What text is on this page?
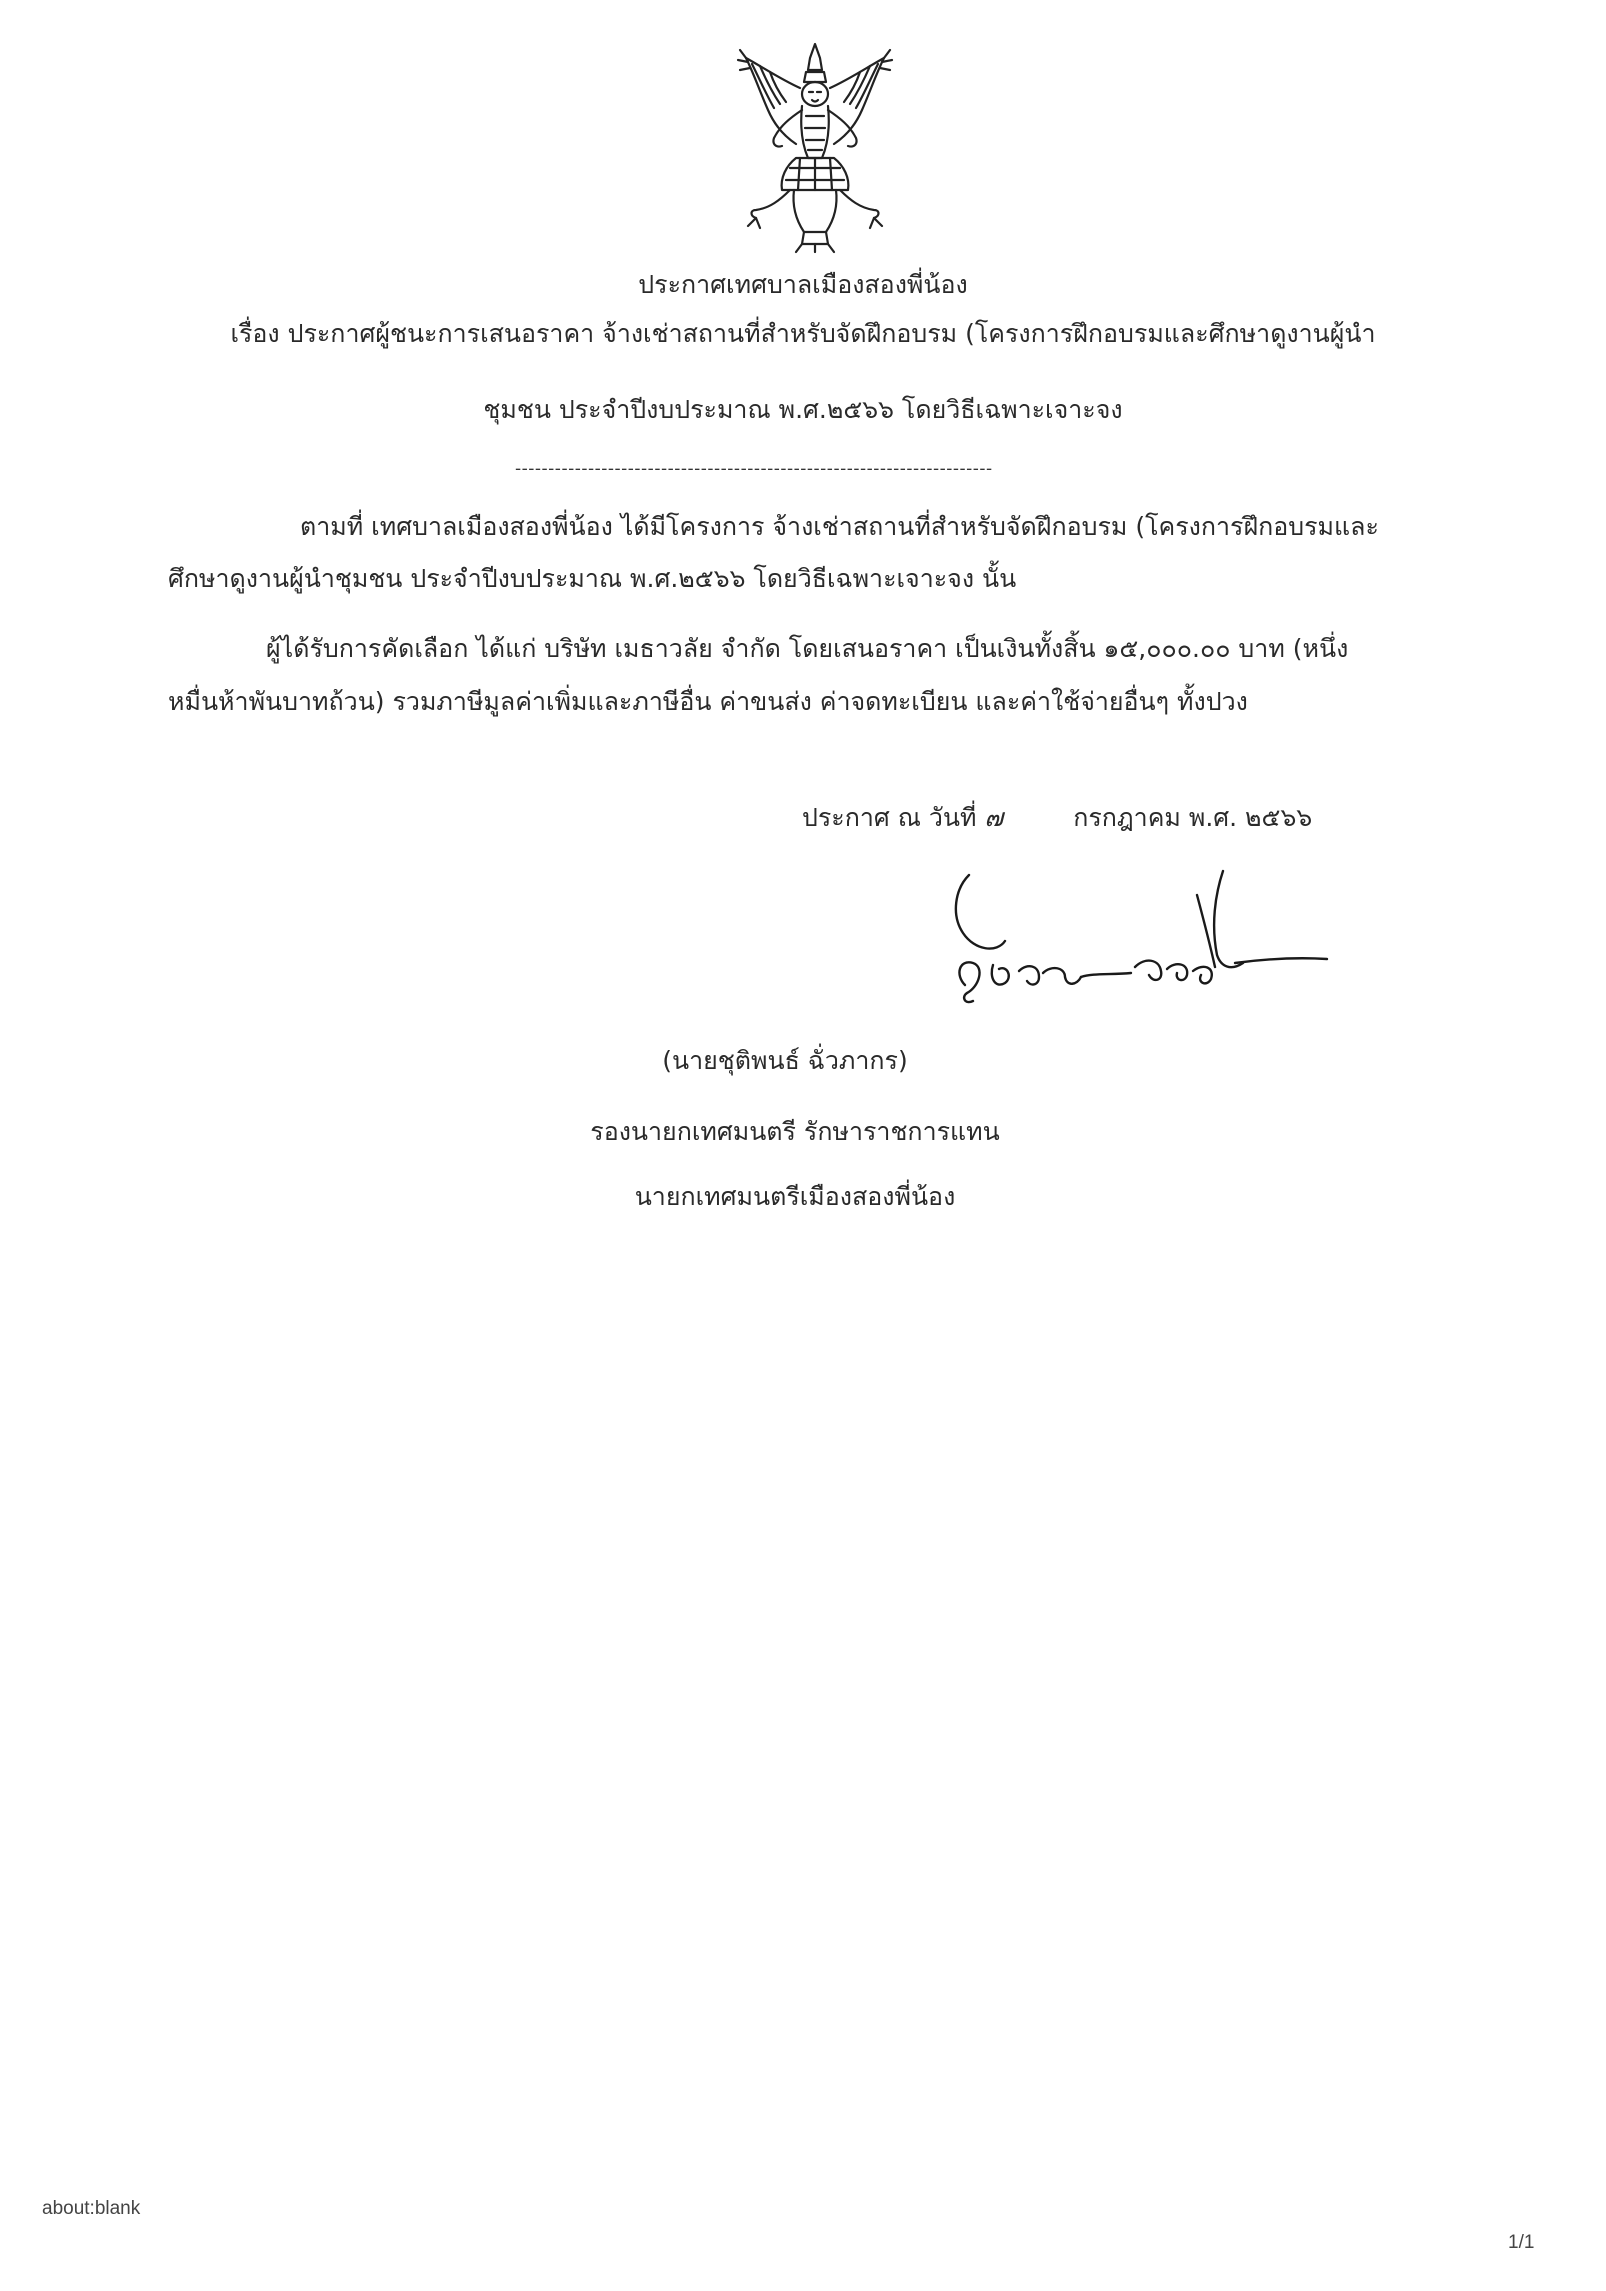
ประกาศเทศบาลเมืองสองพี่น้อง
เรื่อง ประกาศผู้ชนะการเสนอราคา จ้างเช่าสถานที่สำหรับจัดฝึกอบรม (โครงการฝึกอบรมและศึกษาดูงานผู้นำ
ชุมชน ประจำปีงบประมาณ พ.ศ.๒๕๖๖ โดยวิธีเฉพาะเจาะจง
------------------------------------------------------------------------
ตามที่ เทศบาลเมืองสองพี่น้อง ได้มีโครงการ จ้างเช่าสถานที่สำหรับจัดฝึกอบรม (โครงการฝึกอบรมและ
ศึกษาดูงานผู้นำชุมชน ประจำปีงบประมาณ พ.ศ.๒๕๖๖ โดยวิธีเฉพาะเจาะจง นั้น
ผู้ได้รับการคัดเลือก ได้แก่ บริษัท เมธาวลัย จำกัด โดยเสนอราคา เป็นเงินทั้งสิ้น ๑๕,๐๐๐.๐๐ บาท (หนึ่ง
หมื่นห้าพันบาทถ้วน) รวมภาษีมูลค่าเพิ่มและภาษีอื่น ค่าขนส่ง ค่าจดทะเบียน และค่าใช้จ่ายอื่นๆ ทั้งปวง
ประกาศ ณ วันที่ ๗	กรกฎาคม พ.ศ. ๒๕๖๖
(นายชุติพนธ์ ฉั่วภากร)
รองนายกเทศมนตรี รักษาราชการแทน
นายกเทศมนตรีเมืองสองพี่น้อง
about:blank
1/1
